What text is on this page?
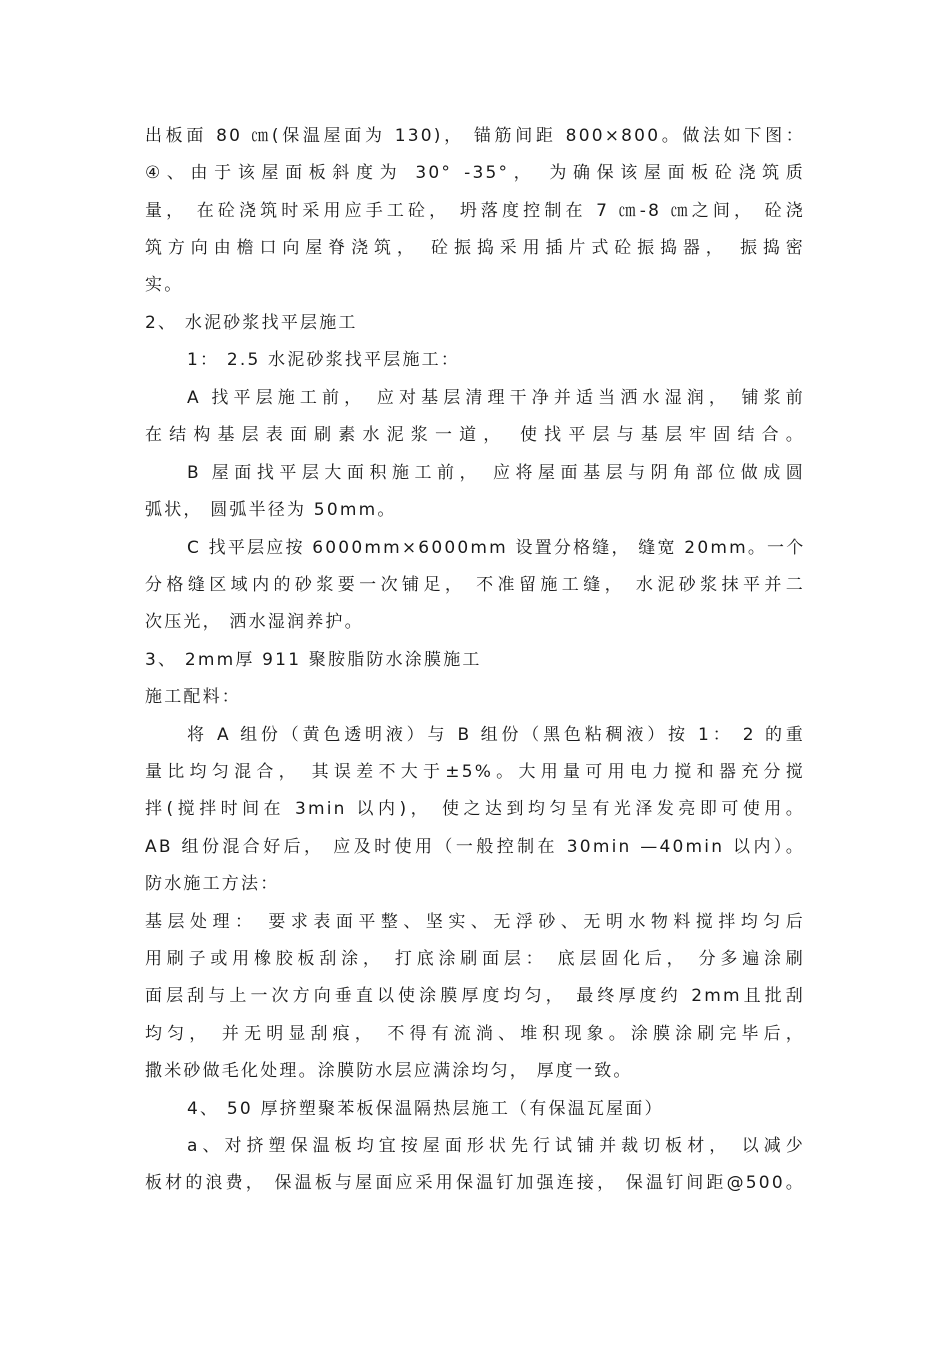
出板面 80 ㎝(保温屋面为 130)， 锚筋间距 800×800。做法如下图：
④、由于该屋面板斜度为 30° -35°， 为确保该屋面板砼浇筑质
量， 在砼浇筑时采用应手工砼， 坍落度控制在 7 ㎝-8 ㎝之间， 砼浇
筑方向由檐口向屋脊浇筑， 砼振捣采用插片式砼振捣器， 振捣密
实。
2、 水泥砂浆找平层施工
1： 2.5 水泥砂浆找平层施工：
A 找平层施工前， 应对基层清理干净并适当洒水湿润， 铺浆前
在结构基层表面刷素水泥浆一道， 使找平层与基层牢固结合。
B 屋面找平层大面积施工前， 应将屋面基层与阴角部位做成圆
弧状， 圆弧半径为 50mm。
C 找平层应按 6000mm×6000mm 设置分格缝， 缝宽 20mm。一个
分格缝区域内的砂浆要一次铺足， 不准留施工缝， 水泥砂浆抹平并二
次压光， 洒水湿润养护。
3、 2mm厚 911 聚胺脂防水涂膜施工
施工配料：
将 A 组份（黄色透明液）与 B 组份（黑色粘稠液）按 1： 2 的重
量比均匀混合， 其误差不大于±5%。大用量可用电力搅和器充分搅
拌(搅拌时间在 3min 以内)， 使之达到均匀呈有光泽发亮即可使用。
AB 组份混合好后， 应及时使用（一般控制在 30min —40min 以内）。
防水施工方法：
基层处理： 要求表面平整、坚实、无浮砂、无明水物料搅拌均匀后
用刷子或用橡胶板刮涂， 打底涂刷面层： 底层固化后， 分多遍涂刷
面层刮与上一次方向垂直以使涂膜厚度均匀， 最终厚度约 2mm且批刮
均匀， 并无明显刮痕， 不得有流淌、堆积现象。涂膜涂刷完毕后，
撒米砂做毛化处理。涂膜防水层应满涂均匀， 厚度一致。
4、 50 厚挤塑聚苯板保温隔热层施工（有保温瓦屋面）
a、对挤塑保温板均宜按屋面形状先行试铺并裁切板材， 以减少
板材的浪费， 保温板与屋面应采用保温钉加强连接， 保温钉间距@500。
